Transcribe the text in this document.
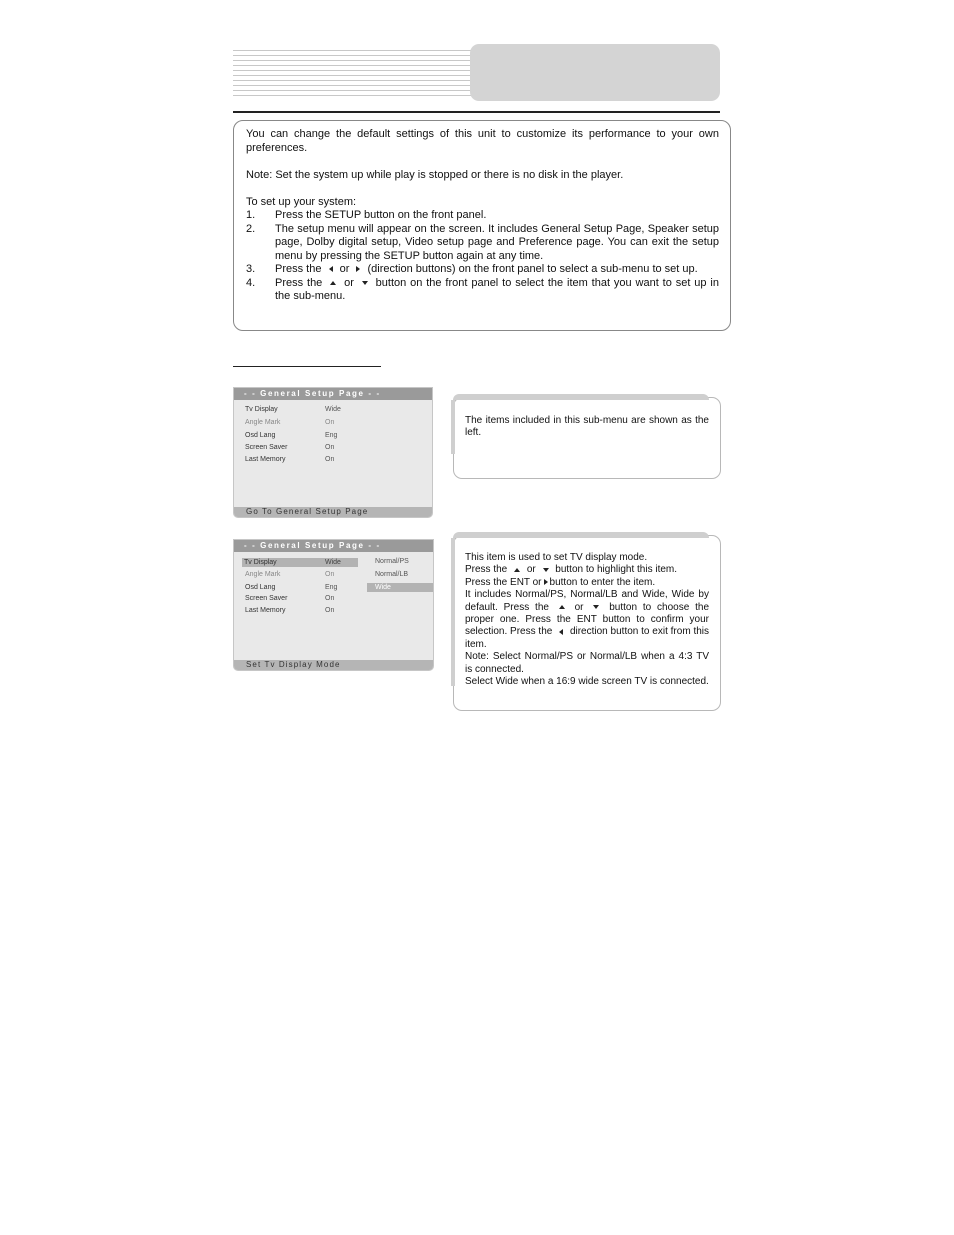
You can change the default settings of this unit to customize its performance to your own preferences.

Note: Set the system up while play is stopped or there is no disk in the player.

To set up your system:

1. Press the SETUP button on the front panel.
2. The setup menu will appear on the screen. It includes General Setup Page, Speaker setup page, Dolby digital setup, Video setup page and Preference page. You can exit the setup menu by pressing the SETUP button again at any time.
3. Press the or (direction buttons) on the front panel to select a sub-menu to set up.
4. Press the or button on the front panel to select the item that you want to set up in the sub-menu.
- - General Setup Page - -
Tv Display	Wide
Angle Mark	On
Osd Lang	Eng
Screen Saver	On
Last Memory	On
Go To General Setup Page
- - General Setup Page - -
Tv Display	Wide
Angle Mark	On
Osd Lang	Eng
Screen Saver	On
Last Memory	On
Normal/PS
Normal/LB
Wide
Set Tv Display Mode

The items included in this sub-menu are shown as the left.

This item is used to set TV display mode.

Press the or button to highlight this item.

Press the ENT or button to enter the item.

It includes Normal/PS, Normal/LB and Wide, Wide by default. Press the	or	button to choose the proper one. Press the ENT button to confirm your selection. Press the direction button to exit from this item.

Note: Select Normal/PS or Normal/LB when a 4:3 TV is connected.

Select Wide when a 16:9 wide screen TV is connected.
